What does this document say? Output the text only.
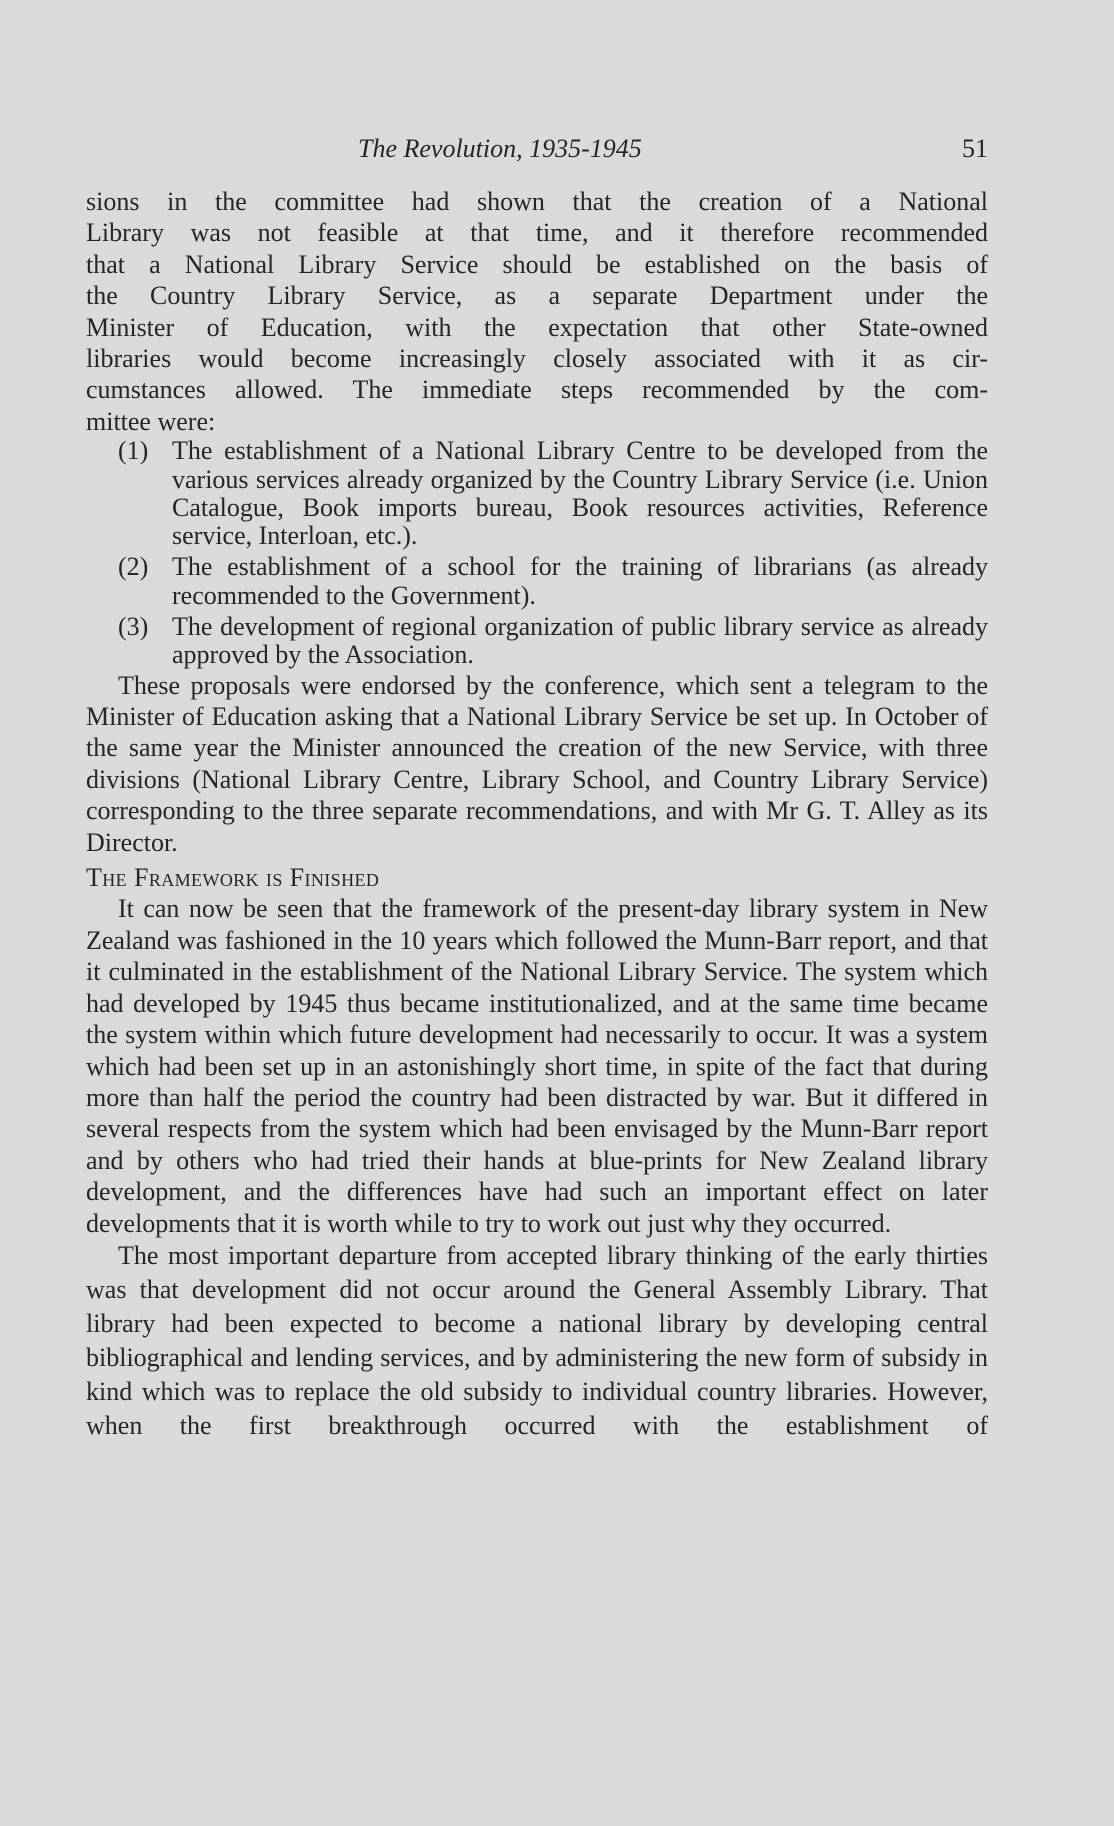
The Revolution, 1935-1945	51

sions in the committee had shown that the creation of a National

Library was not feasible at that time, and it therefore recommended

that a National Library Service should be established on the basis of

the Country Library Service, as a separate Department under the

Minister of Education, with the expectation that other State-owned

libraries would become increasingly closely associated with it as cir-

cumstances allowed. The immediate steps recommended by the com-

mittee were:

(1) The establishment of a National Library Centre to be developed from the various services already organized by the Country Library Service (i.e. Union Catalogue, Book imports bureau, Book resources activities, Reference service, Interloan, etc.).
(2) The establishment of a school for the training of librarians (as already recommended to the Government).
(3) The development of regional organization of public library service as already approved by the Association.

These proposals were endorsed by the conference, which sent a telegram to the Minister of Education asking that a National Library Service be set up. In October of the same year the Minister announced the creation of the new Service, with three divisions (National Library Centre, Library School, and Country Library Service) corresponding to the three separate recommendations, and with Mr G. T. Alley as its Director.

The Framework is Finished

It can now be seen that the framework of the present-day library system in New Zealand was fashioned in the 10 years which followed the Munn-Barr report, and that it culminated in the establishment of the National Library Service. The system which had developed by 1945 thus became institutionalized, and at the same time became the system within which future development had necessarily to occur. It was a system which had been set up in an astonishingly short time, in spite of the fact that during more than half the period the country had been distracted by war. But it differed in several respects from the system which had been envisaged by the Munn-Barr report and by others who had tried their hands at blue-prints for New Zealand library development, and the differences have had such an important effect on later developments that it is worth while to try to work out just why they occurred.

The most important departure from accepted library thinking of the early thirties was that development did not occur around the General Assembly Library. That library had been expected to become a national library by developing central bibliographical and lending services, and by administering the new form of subsidy in kind which was to replace the old subsidy to individual country libraries. However, when the first breakthrough occurred with the establishment of
